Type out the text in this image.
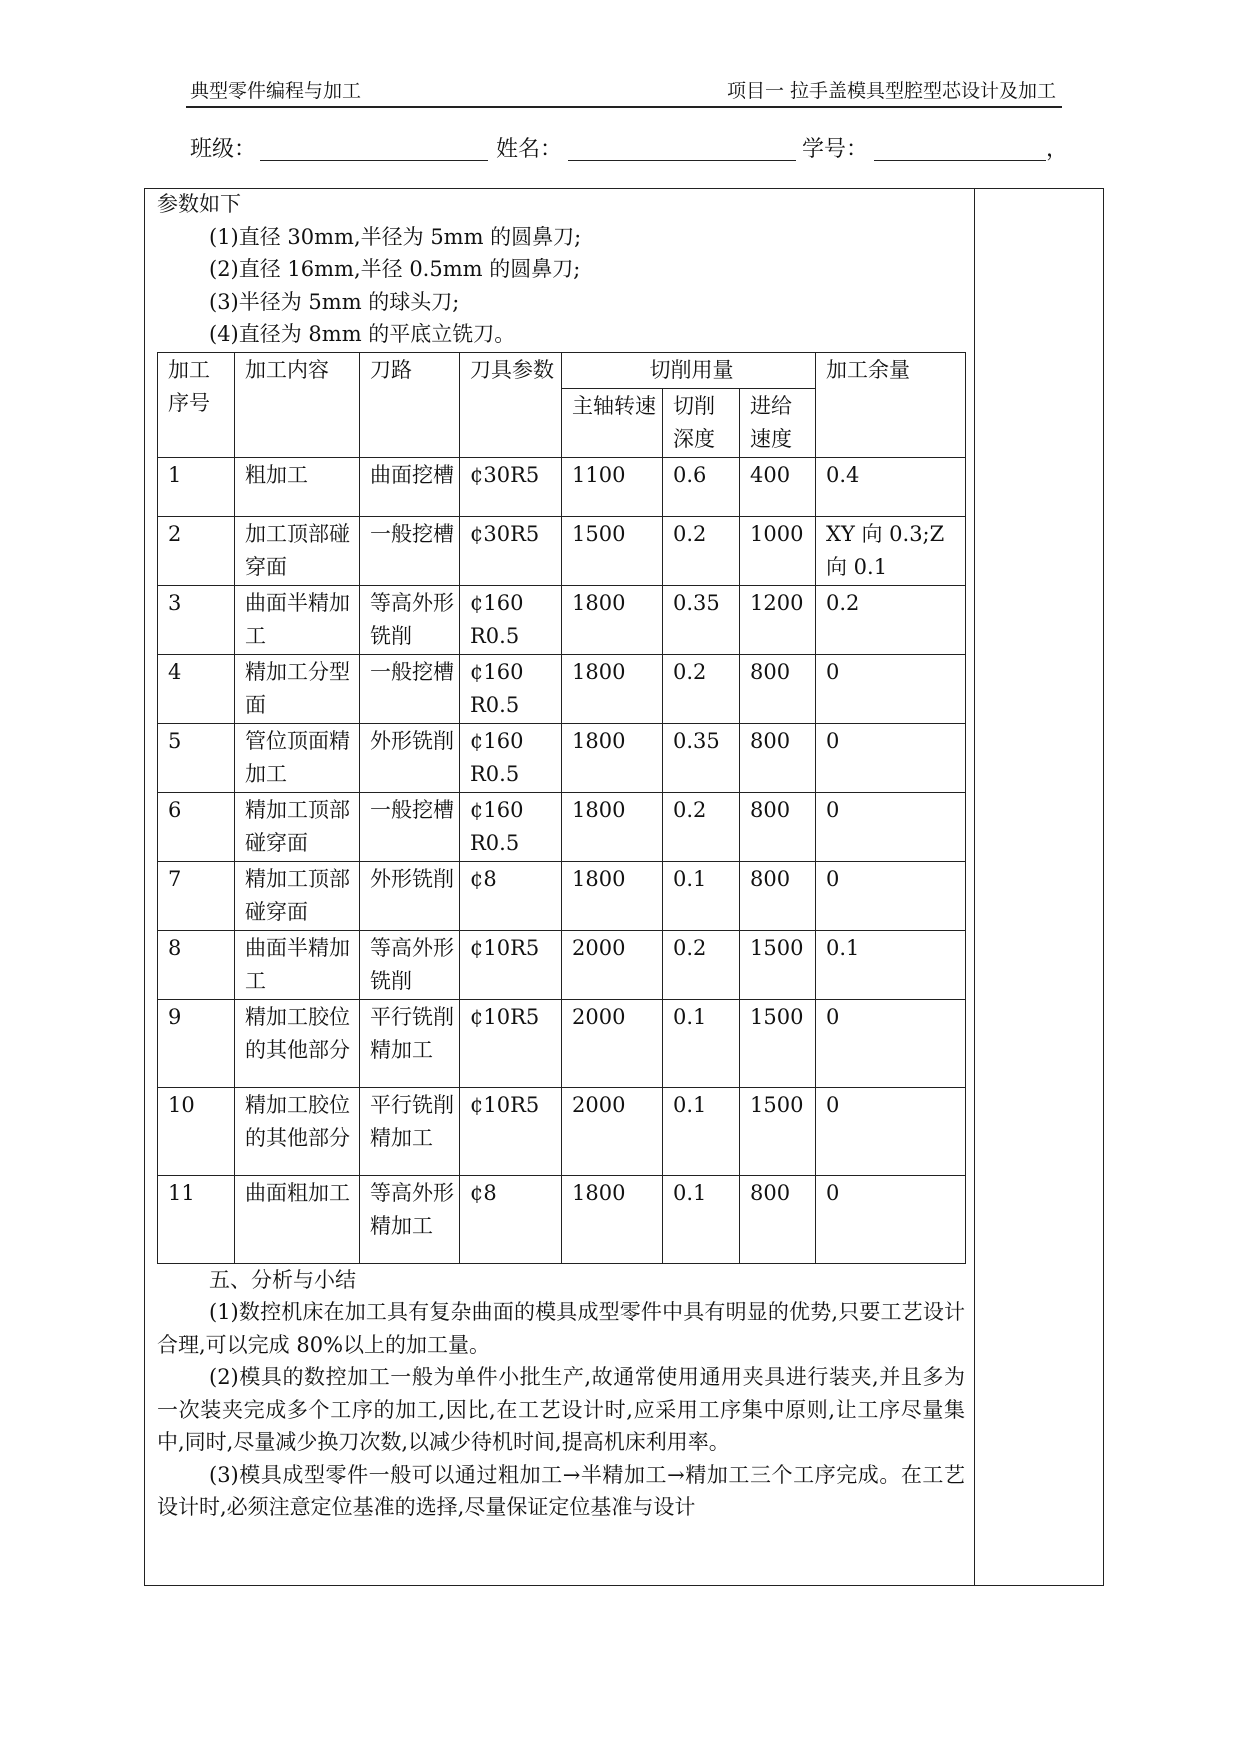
典型零件编程与加工	项目一 拉手盖模具型腔型芯设计及加工
班级：	姓名：	学号：	，

参数如下

(1)直径 30mm,半径为 5mm 的圆鼻刀;

(2)直径 16mm,半径 0.5mm 的圆鼻刀;

(3)半径为 5mm 的球头刀;

(4)直径为 8mm 的平底立铣刀。

加工序号	加工内容	刀路	刀具参数	切削用量			加工余量
				主轴转速	切削深度	进给速度	
1	粗加工	曲面挖槽	¢30R5	1100	0.6	400	0.4
2	加工顶部碰穿面	一般挖槽	¢30R5	1500	0.2	1000	XY 向 0.3;Z 向 0.1
3	曲面半精加工	等高外形铣削	¢160 R0.5	1800	0.35	1200	0.2
4	精加工分型面	一般挖槽	¢160 R0.5	1800	0.2	800	0
5	管位顶面精加工	外形铣削	¢160 R0.5	1800	0.35	800	0
6	精加工顶部碰穿面	一般挖槽	¢160 R0.5	1800	0.2	800	0
7	精加工顶部碰穿面	外形铣削	¢8	1800	0.1	800	0
8	曲面半精加工	等高外形铣削	¢10R5	2000	0.2	1500	0.1
9	精加工胶位的其他部分	平行铣削精加工	¢10R5	2000	0.1	1500	0
10	精加工胶位的其他部分	平行铣削精加工	¢10R5	2000	0.1	1500	0
11	曲面粗加工	等高外形精加工	¢8	1800	0.1	800	0

五、分析与小结

(1)数控机床在加工具有复杂曲面的模具成型零件中具有明显的优势,只要工艺设计合理,可以完成 80%以上的加工量。

(2)模具的数控加工一般为单件小批生产,故通常使用通用夹具进行装夹,并且多为一次装夹完成多个工序的加工,因比,在工艺设计时,应采用工序集中原则,让工序尽量集中,同时,尽量减少换刀次数,以减少待机时间,提高机床利用率。

(3)模具成型零件一般可以通过粗加工→半精加工→精加工三个工序完成。在工艺设计时,必须注意定位基准的选择,尽量保证定位基准与设计
